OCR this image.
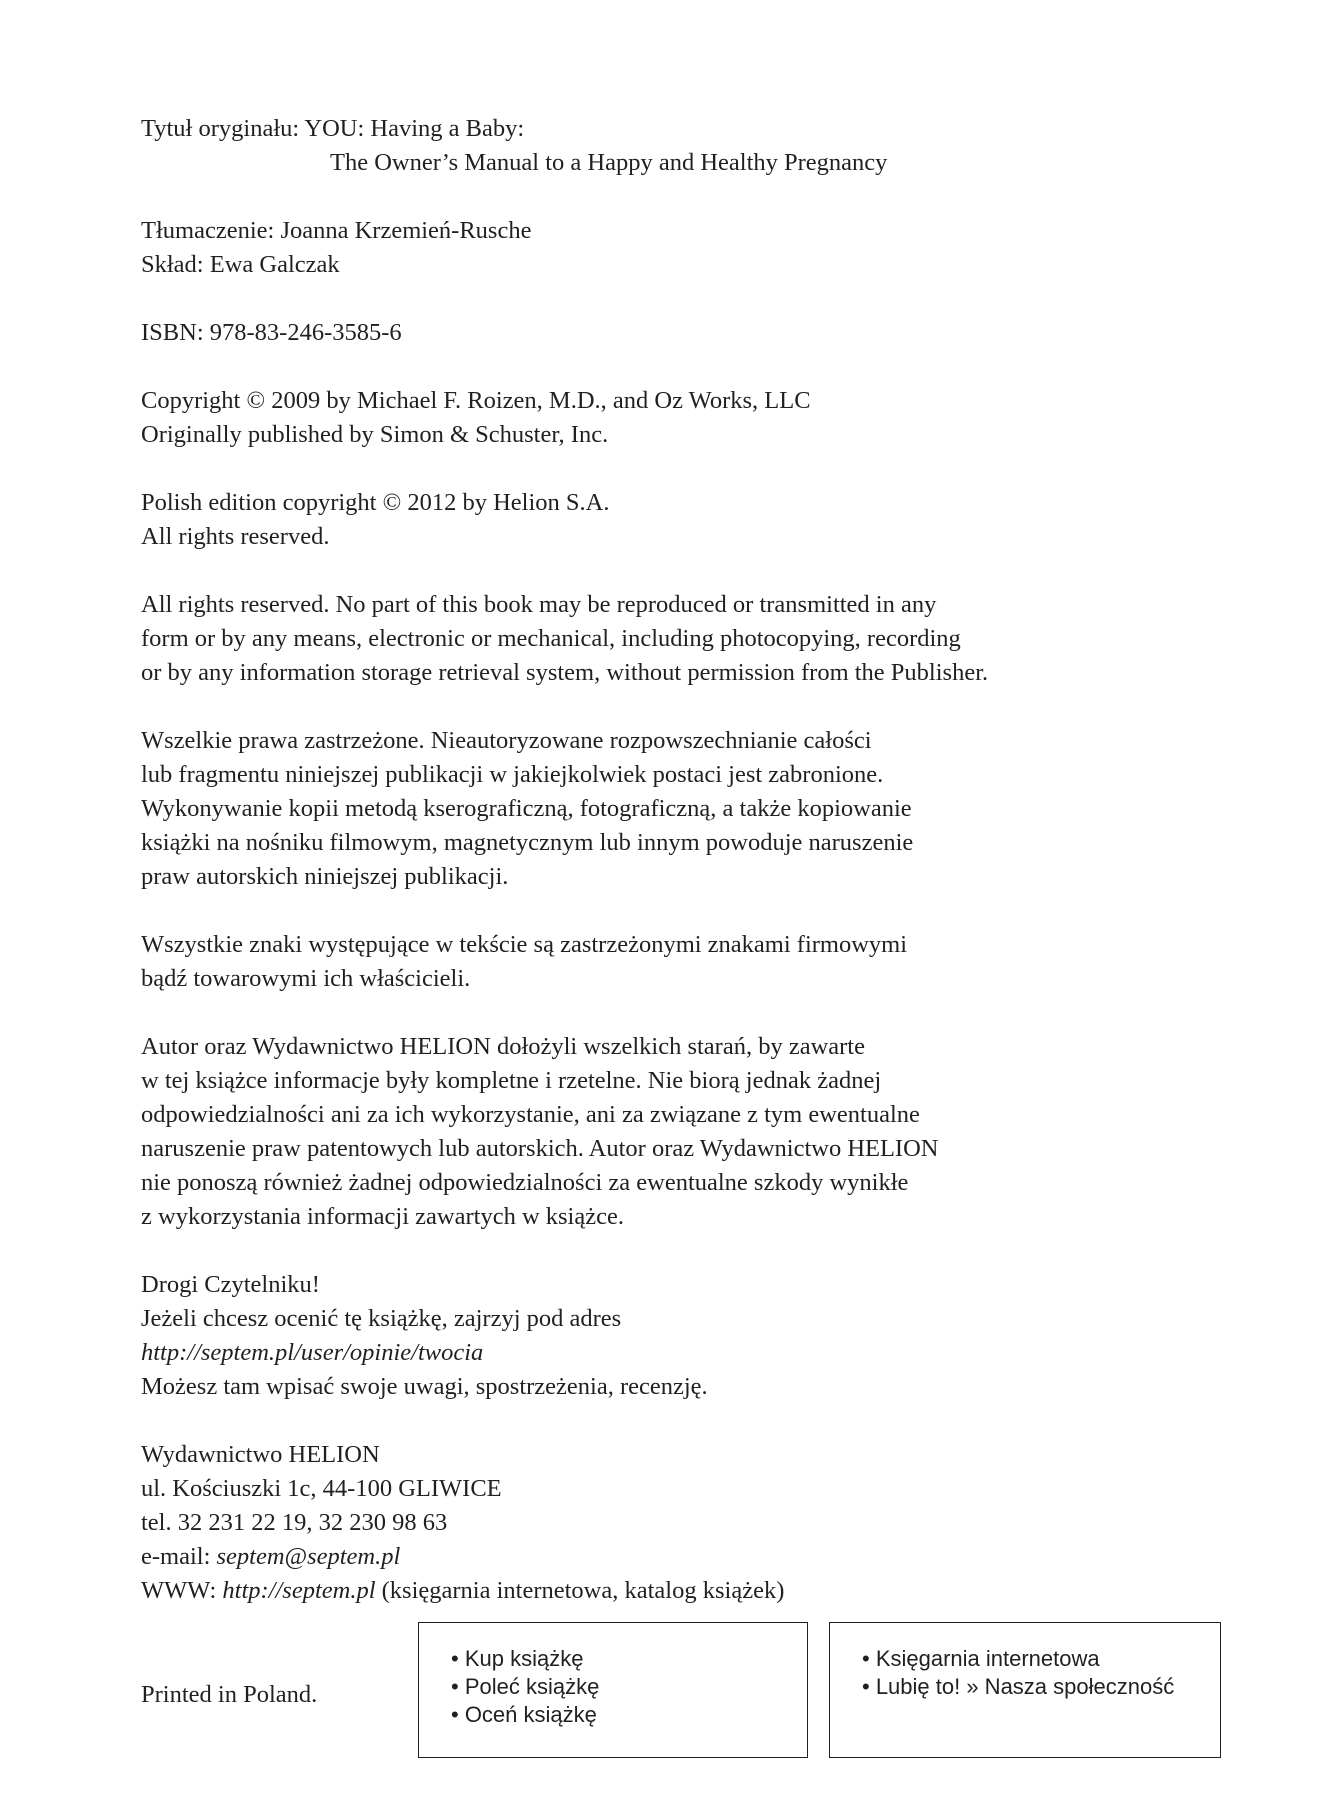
Tytuł oryginału: YOU: Having a Baby:
The Owner’s Manual to a Happy and Healthy Pregnancy
Tłumaczenie: Joanna Krzemień-Rusche
Skład: Ewa Galczak
ISBN: 978-83-246-3585-6
Copyright © 2009 by Michael F. Roizen, M.D., and Oz Works, LLC
Originally published by Simon & Schuster, Inc.
Polish edition copyright © 2012 by Helion S.A.
All rights reserved.
All rights reserved. No part of this book may be reproduced or transmitted in any
form or by any means, electronic or mechanical, including photocopying, recording
or by any information storage retrieval system, without permission from the Publisher.
Wszelkie prawa zastrzeżone. Nieautoryzowane rozpowszechnianie całości
lub fragmentu niniejszej publikacji w jakiejkolwiek postaci jest zabronione.
Wykonywanie kopii metodą kserograficzną, fotograficzną, a także kopiowanie
książki na nośniku filmowym, magnetycznym lub innym powoduje naruszenie
praw autorskich niniejszej publikacji.
Wszystkie znaki występujące w tekście są zastrzeżonymi znakami firmowymi
bądź towarowymi ich właścicieli.
Autor oraz Wydawnictwo HELION dołożyli wszelkich starań, by zawarte
w tej książce informacje były kompletne i rzetelne. Nie biorą jednak żadnej
odpowiedzialności ani za ich wykorzystanie, ani za związane z tym ewentualne
naruszenie praw patentowych lub autorskich. Autor oraz Wydawnictwo HELION
nie ponoszą również żadnej odpowiedzialności za ewentualne szkody wynikłe
z wykorzystania informacji zawartych w książce.
Drogi Czytelniku!
Jeżeli chcesz ocenić tę książkę, zajrzyj pod adres
http://septem.pl/user/opinie/twocia
Możesz tam wpisać swoje uwagi, spostrzeżenia, recenzję.
Wydawnictwo HELION
ul. Kościuszki 1c, 44-100 GLIWICE
tel. 32 231 22 19, 32 230 98 63
e-mail: septem@septem.pl
WWW: http://septem.pl (księgarnia internetowa, katalog książek)
Printed in Poland.
• Kup książkę
• Poleć książkę
• Oceń książkę
• Księgarnia internetowa
• Lubię to! » Nasza społeczność
